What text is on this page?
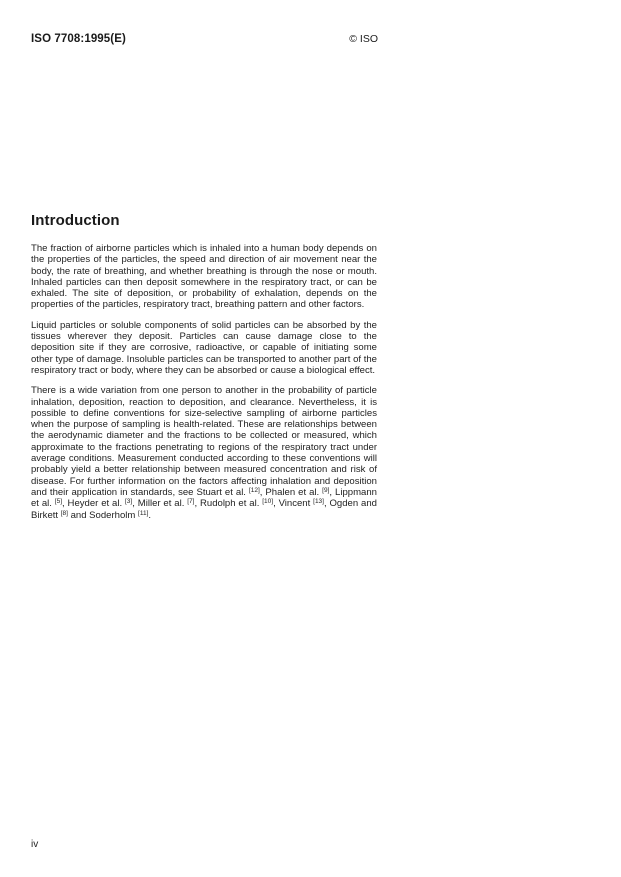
ISO 7708:1995(E)	© ISO
Introduction

The fraction of airborne particles which is inhaled into a human body depends on the properties of the particles, the speed and direction of air movement near the body, the rate of breathing, and whether breathing is through the nose or mouth. Inhaled particles can then deposit somewhere in the respiratory tract, or can be exhaled. The site of deposition, or probability of exhalation, depends on the properties of the particles, respiratory tract, breathing pattern and other factors.

Liquid particles or soluble components of solid particles can be absorbed by the tissues wherever they deposit. Particles can cause damage close to the deposition site if they are corrosive, radioactive, or capable of initiating some other type of damage. Insoluble particles can be transported to another part of the respiratory tract or body, where they can be absorbed or cause a biological effect.

There is a wide variation from one person to another in the probability of particle inhalation, deposition, reaction to deposition, and clearance. Nevertheless, it is possible to define conventions for size-selective sampling of airborne particles when the purpose of sampling is health-related. These are relationships between the aerodynamic diameter and the fractions to be collected or measured, which approximate to the fractions penetrating to regions of the respiratory tract under average conditions. Measurement conducted according to these conventions will probably yield a better relationship between measured concentration and risk of disease. For further information on the factors affecting inhalation and deposition and their application in standards, see Stuart et al. [12], Phalen et al. [9], Lippmann et al. [5], Heyder et al. [3], Miller et al. [7], Rudolph et al. [10], Vincent [13], Ogden and Birkett [8] and Soderholm [11].

iv
